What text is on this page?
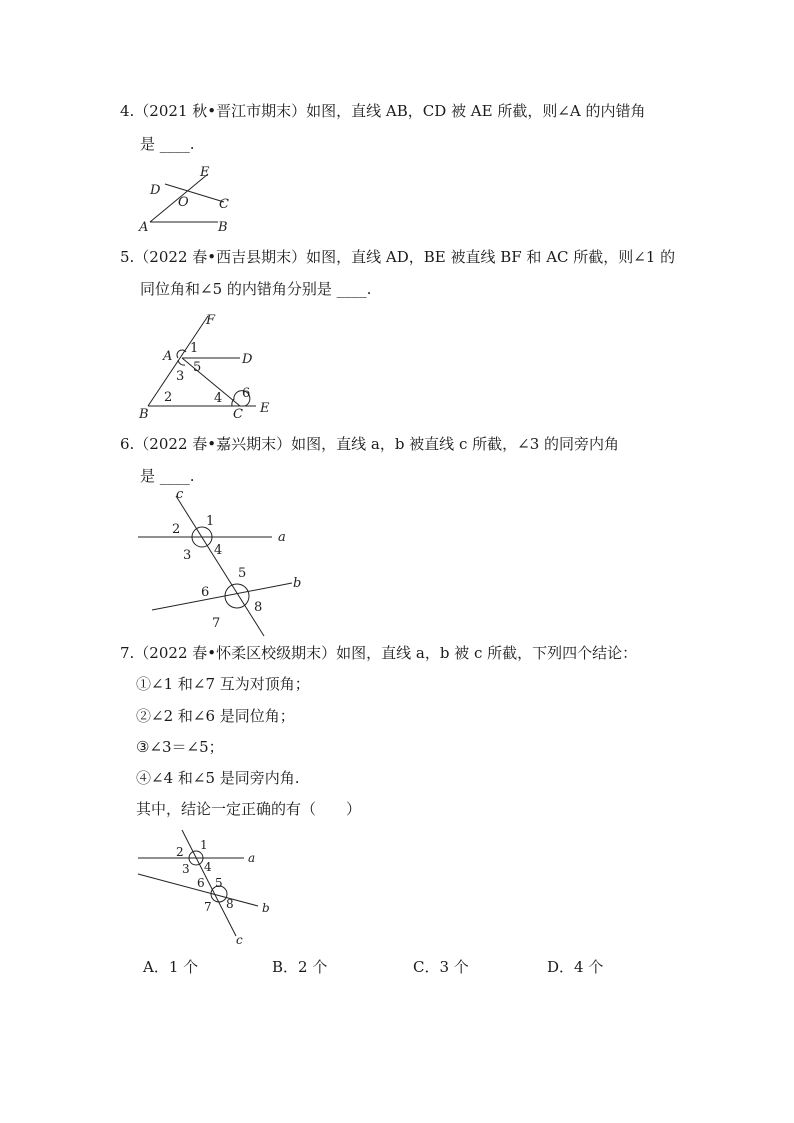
4.（2021 秋•晋江市期末）如图，直线 AB，CD 被 AE 所截，则∠A 的内错角
是 ____.
E
D
O C
A	B
5.（2022 春•西吉县期末）如图，直线 AD，BE 被直线 BF 和 AC 所截，则∠1 的
同位角和∠5 的内错角分别是 ____.
F
A
1
D
3
5
6
2	4
B	C E
6.（2022 春•嘉兴期末）如图，直线 a，b 被直线 c 所截，∠3 的同旁内角
是 ____.
c
2
1
a
3 4
5
b
6
8
7
7.（2022 春•怀柔区校级期末）如图，直线 a，b 被 c 所截，下列四个结论：
①∠1 和∠7 互为对顶角；
②∠2 和∠6 是同位角；
③∠3＝∠5；
④∠4 和∠5 是同旁内角.
其中，结论一定正确的有（　　）
2 1
a
3 4
6 5
7 8 b
c
A．1 个	B．2 个	C．3 个	D．4 个
